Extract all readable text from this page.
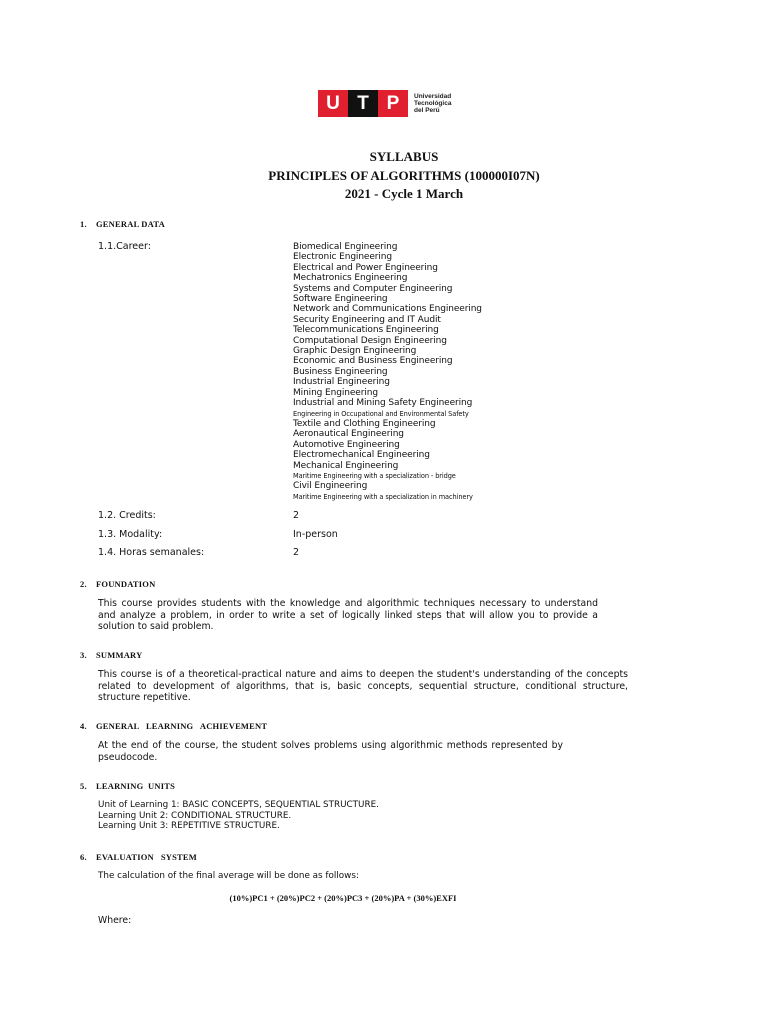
U T P	Universidad
Tecnológica
del Perú
SYLLABUS
PRINCIPLES OF ALGORITHMS (100000I07N)
2021 - Cycle 1 March
1. GENERAL DATA
1.1.Career:	Biomedical Engineering
Electronic Engineering
Electrical and Power Engineering
Mechatronics Engineering
Systems and Computer Engineering
Software Engineering
Network and Communications Engineering
Security Engineering and IT Audit
Telecommunications Engineering
Computational Design Engineering
Graphic Design Engineering
Economic and Business Engineering
Business Engineering
Industrial Engineering
Mining Engineering
Industrial and Mining Safety Engineering
Engineering in Occupational and Environmental Safety
Textile and Clothing Engineering
Aeronautical Engineering
Automotive Engineering
Electromechanical Engineering
Mechanical Engineering
Maritime Engineering with a specialization - bridge
Civil Engineering
Maritime Engineering with a specialization in machinery
1.2. Credits:	2
1.3. Modality:	In-person
1.4. Horas semanales:	2
2. FOUNDATION
This course provides students with the knowledge and algorithmic techniques necessary to understand and analyze a problem, in order to write a set of logically linked steps that will allow you to provide a solution to said problem.
3. SUMMARY
This course is of a theoretical-practical nature and aims to deepen the student's understanding of the concepts related to development of algorithms, that is, basic concepts, sequential structure, conditional structure, structure repetitive.
4. GENERAL   LEARNING   ACHIEVEMENT
At the end of the course, the student solves problems using algorithmic methods represented by pseudocode.
5. LEARNING  UNITS
Unit of Learning 1: BASIC CONCEPTS, SEQUENTIAL STRUCTURE.
Learning Unit 2: CONDITIONAL STRUCTURE.
Learning Unit 3: REPETITIVE STRUCTURE.
6. EVALUATION   SYSTEM
The calculation of the final average will be done as follows:
(10%)PC1 + (20%)PC2 + (20%)PC3 + (20%)PA + (30%)EXFI
Where:
